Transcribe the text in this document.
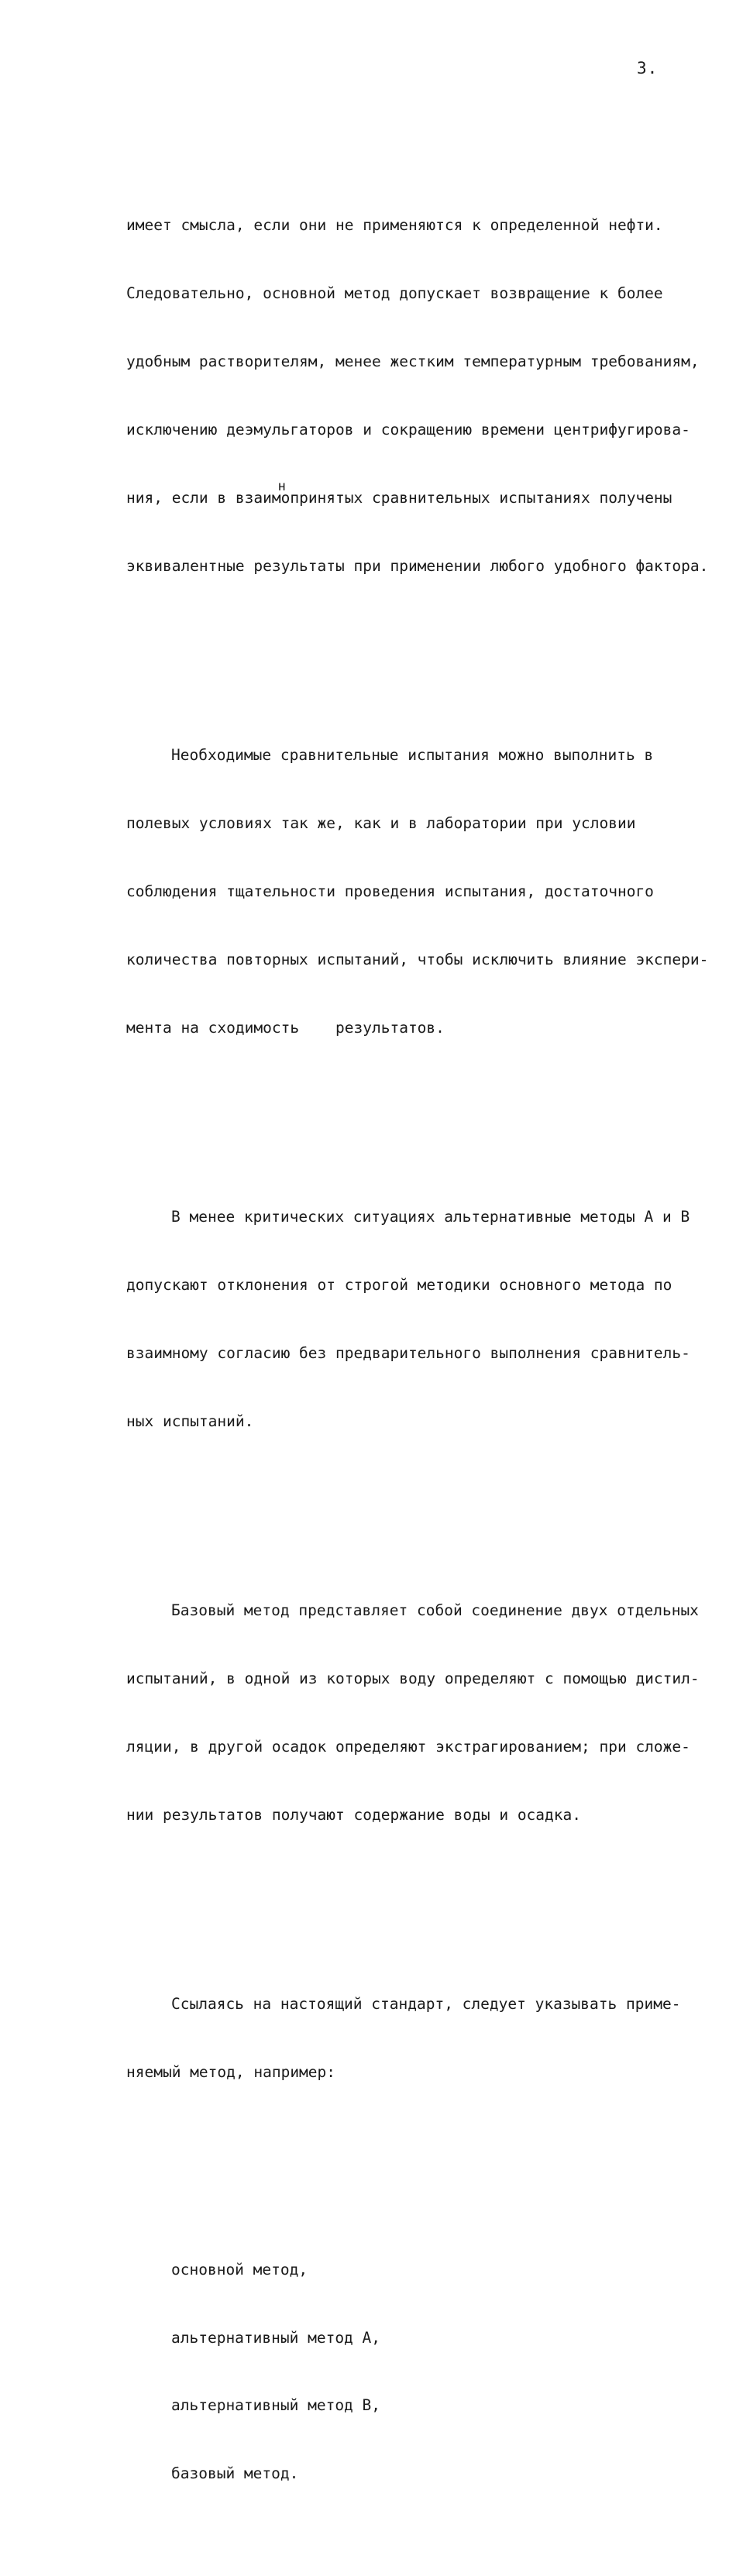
3.

имеет смысла, если они не применяются к определенной нефти.

Следовательно, основной метод допускает возвращение к более

удобным растворителям, менее жестким температурным требованиям,

исключению деэмульгаторов и сокращению времени центрифугирова-

ния, если в взаим
н
опринятых сравнительных испытаниях получены

эквивалентные результаты при применении любого удобного фактора.

Необходимые сравнительные испытания можно выполнить в

полевых условиях так же, как и в лаборатории при условии

соблюдения тщательности проведения испытания, достаточного

количества повторных испытаний, чтобы исключить влияние экспери-

мента на сходимость    результатов.

В менее критических ситуациях альтернативные методы А и В

допускают отклонения от строгой методики основного метода по

взаимному согласию без предварительного выполнения сравнитель-

ных испытаний.

Базовый метод представляет собой соединение двух отдельных

испытаний, в одной из которых воду определяют с помощью дистил-

ляции, в другой осадок определяют экстрагированием; при сложе-

нии результатов получают содержание воды и осадка.

Ссылаясь на настоящий стандарт, следует указывать приме-

няемый метод, например:

основной метод,

альтернативный метод А,

альтернативный метод В,

базовый метод.
